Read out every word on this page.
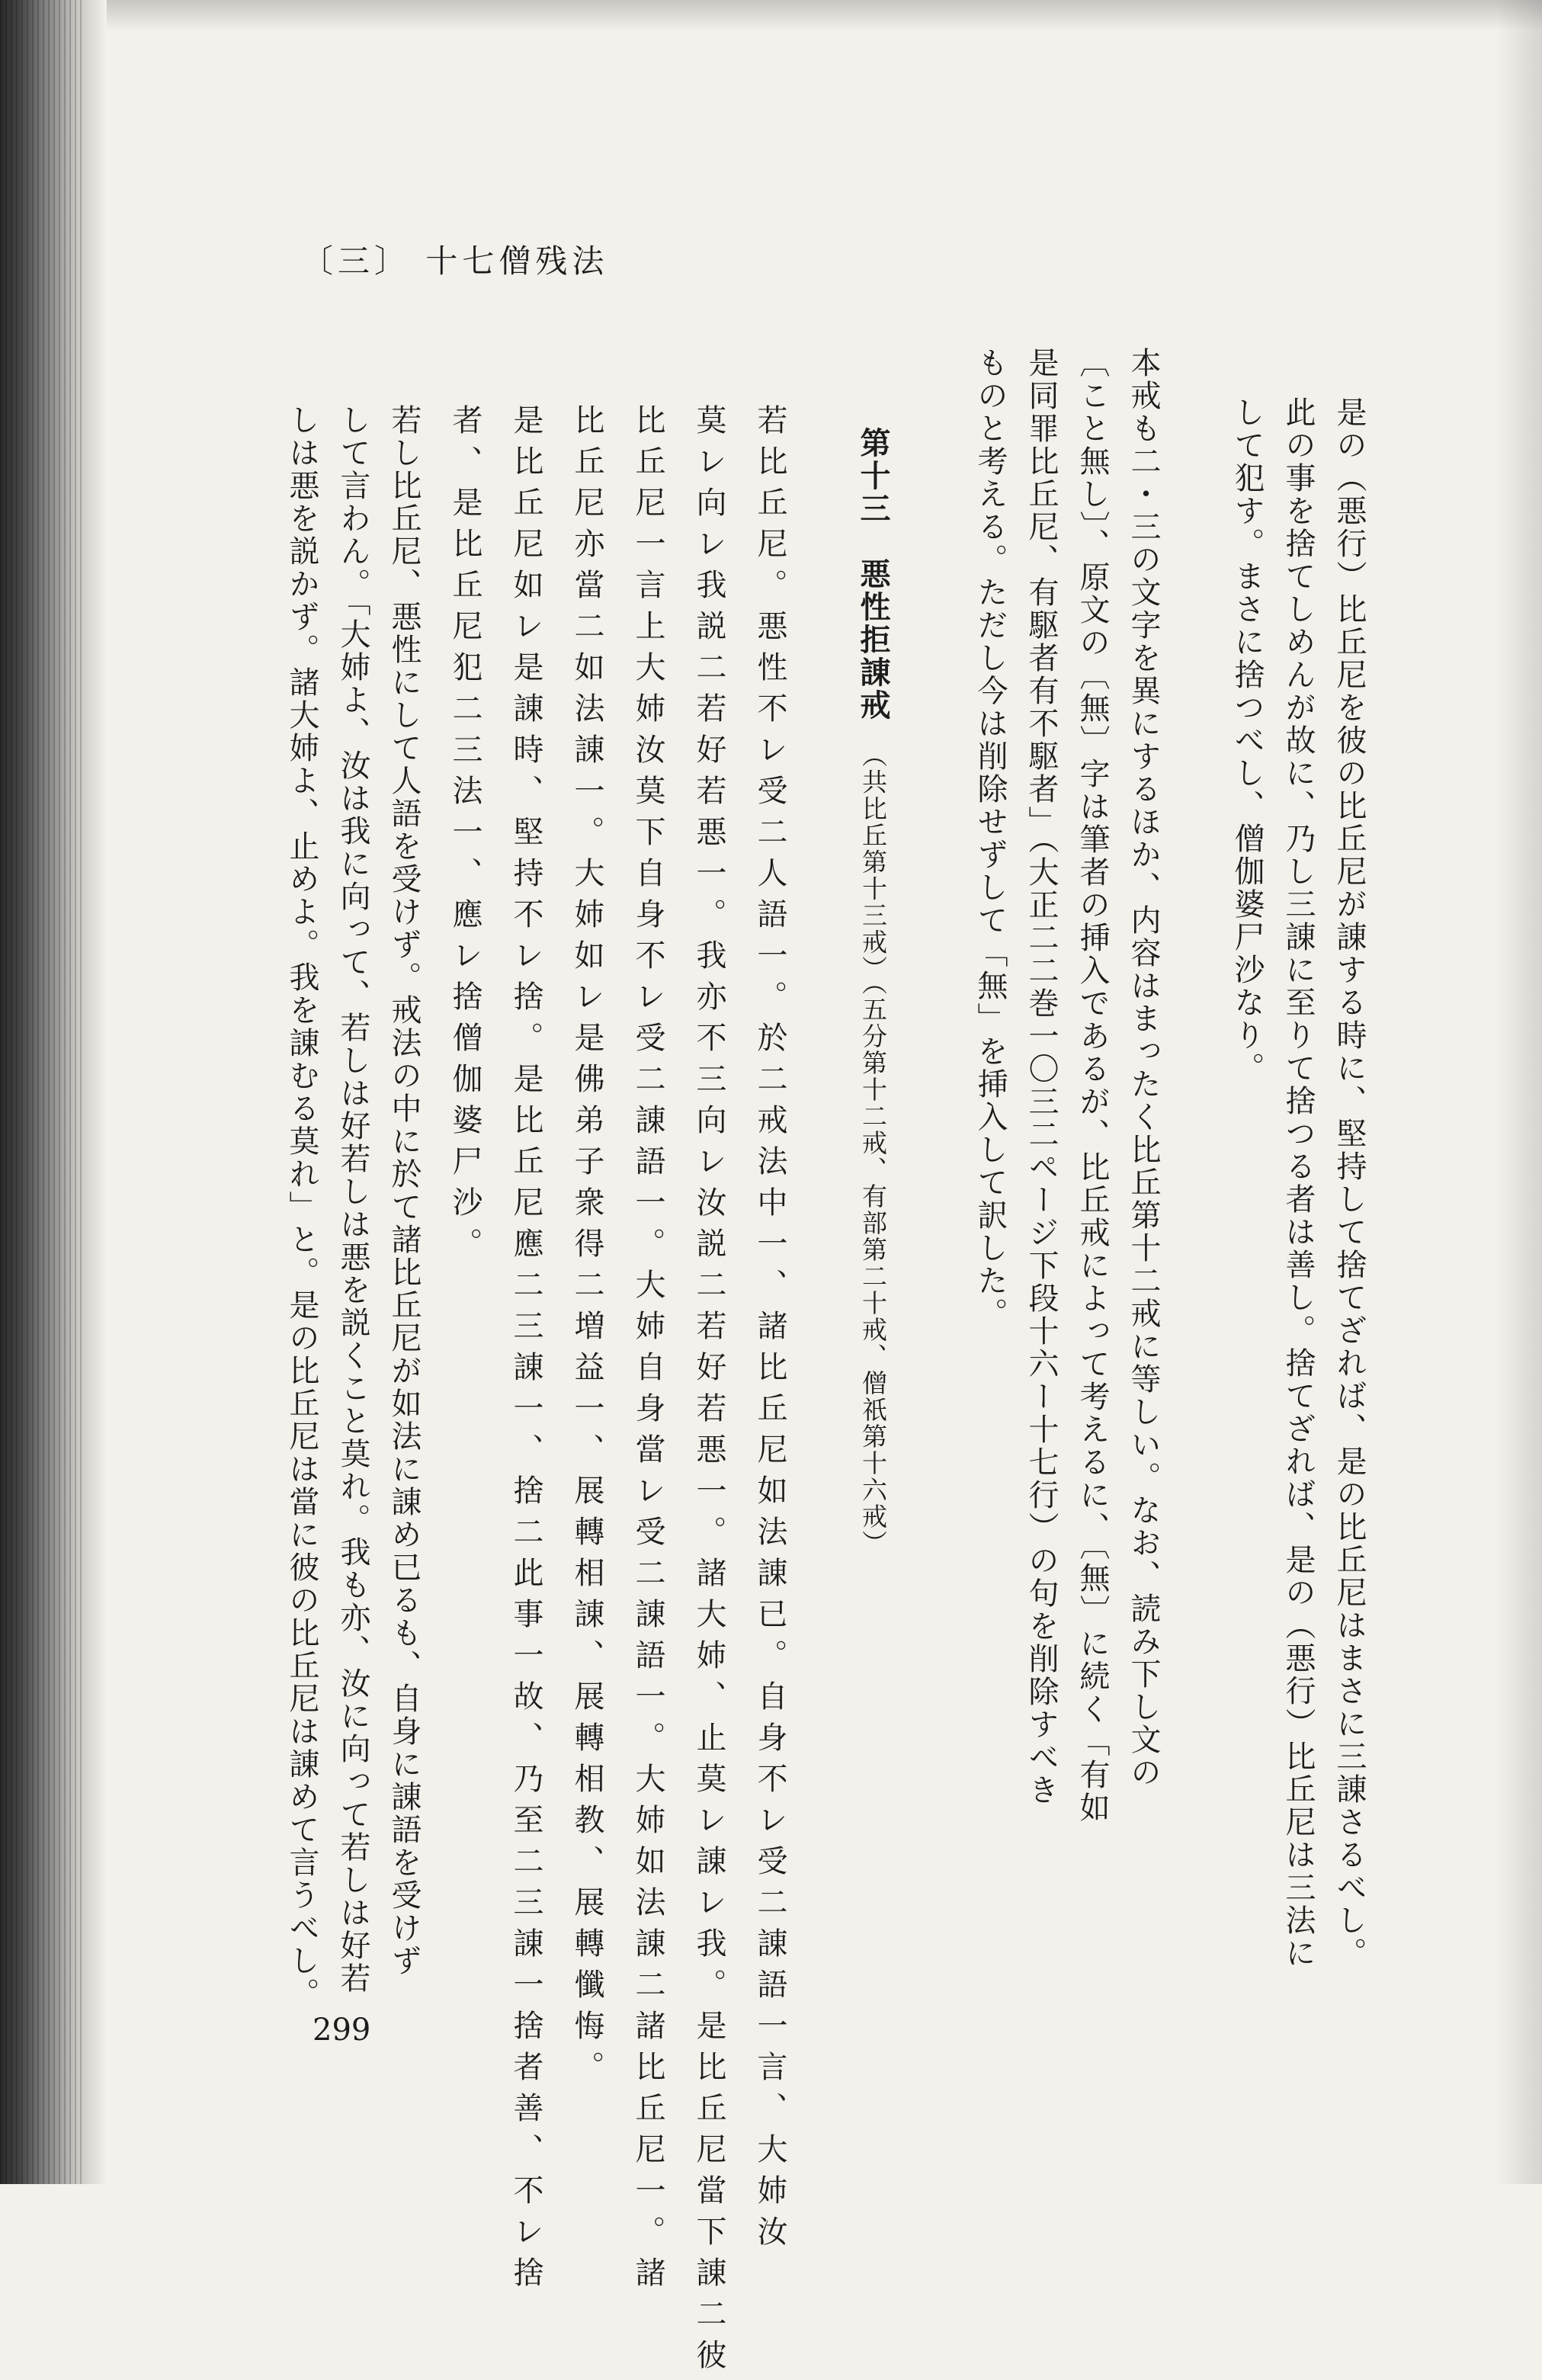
〔三〕 十七僧残法
是の（悪行）比丘尼を彼の比丘尼が諌する時に、堅持して捨てざれば、是の比丘尼はまさに三諌さるべし。
此の事を捨てしめんが故に、乃し三諌に至りて捨つる者は善し。捨てざれば、是の（悪行）比丘尼は三法に
して犯す。まさに捨つべし、僧伽婆尸沙なり。
本戒も二・三の文字を異にするほか、内容はまったく比丘第十二戒に等しい。なお、読み下し文の
〔こと無し〕、原文の〔無〕字は筆者の挿入であるが、比丘戒によって考えるに、〔無〕に続く「有如
是同罪比丘尼、有駆者有不駆者」（大正二二巻一〇三二ページ下段十六ー十七行）の句を削除すべき
ものと考える。ただし今は削除せずして「無」を挿入して訳した。
第十三　悪性拒諌戒　（共比丘第十三戒）（五分第十二戒、有部第二十戒、僧祇第十六戒）
若比丘尼。悪性不レ受二人語一。於二戒法中一、諸比丘尼如法諌已。自身不レ受二諌語一言、大姉汝
莫レ向レ我説二若好若悪一。我亦不三向レ汝説二若好若悪一。諸大姉、止莫レ諌レ我。是比丘尼當下諌二彼
比丘尼一言上大姉汝莫下自身不レ受二諌語一。大姉自身當レ受二諌語一。大姉如法諌二諸比丘尼一。諸
比丘尼亦當二如法諌一。大姉如レ是佛弟子衆得二増益一、展轉相諌、展轉相教、展轉懺悔。
是比丘尼如レ是諌時、堅持不レ捨。是比丘尼應二三諌一、捨二此事一故、乃至二三諌一捨者善、不レ捨
者、是比丘尼犯二三法一、應レ捨僧伽婆尸沙。
若し比丘尼、悪性にして人語を受けず。戒法の中に於て諸比丘尼が如法に諌め已るも、自身に諌語を受けず
して言わん。「大姉よ、汝は我に向って、若しは好若しは悪を説くこと莫れ。我も亦、汝に向って若しは好若
しは悪を説かず。諸大姉よ、止めよ。我を諌むる莫れ」と。是の比丘尼は當に彼の比丘尼は諌めて言うべし。
299
